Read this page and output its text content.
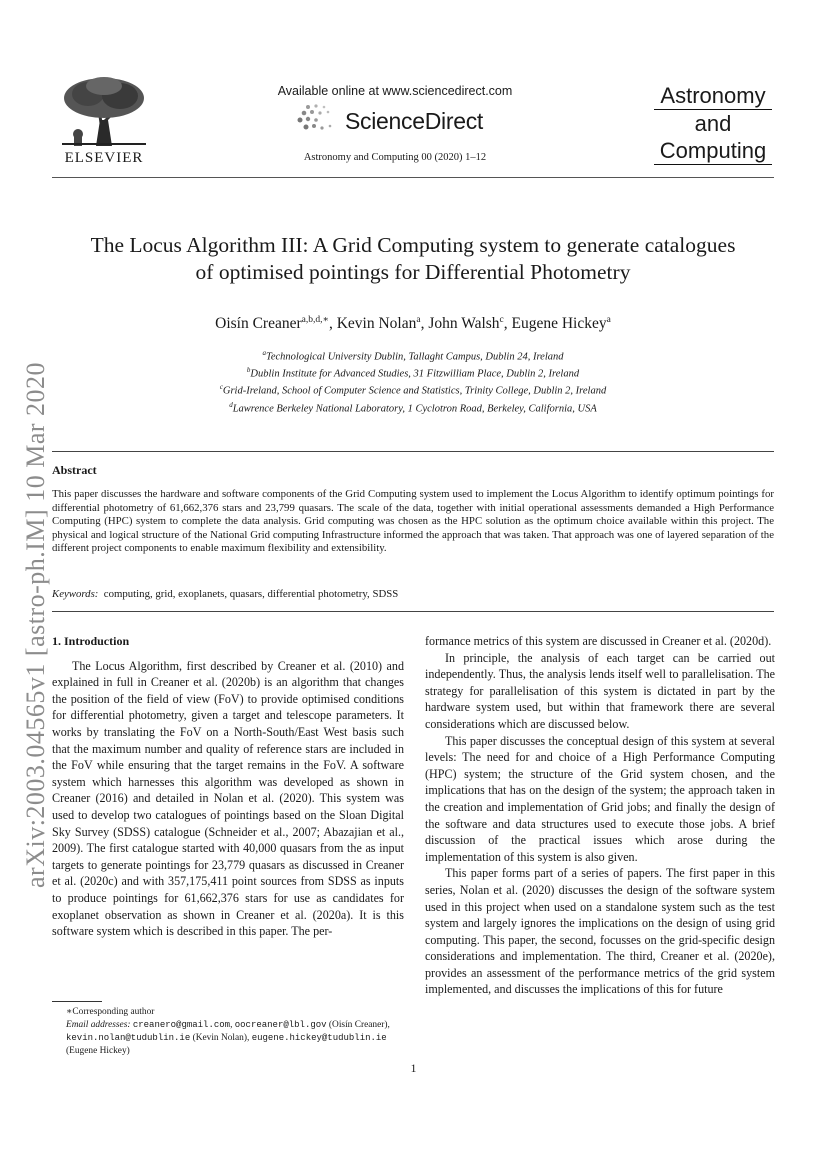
ELSEVIER
Available online at www.sciencedirect.com
ScienceDirect
Astronomy and Computing 00 (2020) 1–12
Astronomy
and
Computing
arXiv:2003.04565v1 [astro-ph.IM] 10 Mar 2020
The Locus Algorithm III: A Grid Computing system to generate catalogues
of optimised pointings for Differential Photometry
Oisín Creaner$^{a,b,d,∗}$, Kevin Nolan$^a$, John Walsh$^c$, Eugene Hickey$^a$
$^a$Technological University Dublin, Tallaght Campus, Dublin 24, Ireland
$^b$Dublin Institute for Advanced Studies, 31 Fitzwilliam Place, Dublin 2, Ireland
$^c$Grid-Ireland, School of Computer Science and Statistics, Trinity College, Dublin 2, Ireland
$^d$Lawrence Berkeley National Laboratory, 1 Cyclotron Road, Berkeley, California, USA
Abstract
This paper discusses the hardware and software components of the Grid Computing system used to implement the Locus Algorithm to identify optimum pointings for differential photometry of 61,662,376 stars and 23,799 quasars. The scale of the data, together with initial operational assessments demanded a High Performance Computing (HPC) system to complete the data analysis. Grid computing was chosen as the HPC solution as the optimum choice available within this project. The physical and logical structure of the National Grid computing Infrastructure informed the approach that was taken. That approach was one of layered separation of the different project components to enable maximum flexibility and extensibility.
Keywords: computing, grid, exoplanets, quasars, differential photometry, SDSS
1. Introduction

The Locus Algorithm, first described by Creaner et al. (2010) and explained in full in Creaner et al. (2020b) is an algorithm that changes the position of the field of view (FoV) to provide optimised conditions for differential photometry, given a target and telescope parameters. It works by translating the FoV on a North-South/East West basis such that the maximum number and quality of reference stars are included in the FoV while ensuring that the target remains in the FoV. A software system which harnesses this algorithm was developed as shown in Creaner (2016) and detailed in Nolan et al. (2020). This system was used to develop two catalogues of pointings based on the Sloan Digital Sky Survey (SDSS) catalogue (Schneider et al., 2007; Abazajian et al., 2009). The first catalogue started with 40,000 quasars from the as input targets to generate pointings for 23,779 quasars as discussed in Creaner et al. (2020c) and with 357,175,411 point sources from SDSS as inputs to produce pointings for 61,662,376 stars for use as candidates for exoplanet observation as shown in Creaner et al. (2020a). It is this software system which is described in this paper. The per-

formance metrics of this system are discussed in Creaner et al. (2020d).

In principle, the analysis of each target can be carried out independently. Thus, the analysis lends itself well to parallelisation. The strategy for parallelisation of this system is dictated in part by the hardware system used, but within that framework there are several considerations which are discussed below.

This paper discusses the conceptual design of this system at several levels: The need for and choice of a High Performance Computing (HPC) system; the structure of the Grid system chosen, and the implications that has on the design of the system; the approach taken in the creation and implementation of Grid jobs; and finally the design of the software and data structures used to execute those jobs. A brief discussion of the practical issues which arose during the implementation of this system is also given.

This paper forms part of a series of papers. The first paper in this series, Nolan et al. (2020) discusses the design of the software system used in this project when used on a standalone system such as the test system and largely ignores the implications on the design of using grid computing. This paper, the second, focusses on the grid-specific design considerations and implementation. The third, Creaner et al. (2020e), provides an assessment of the performance metrics of the grid system implemented, and discusses the implications of this for future

∗Corresponding author
Email addresses: creanero@gmail.com, oocreaner@lbl.gov (Oisín Creaner), kevin.nolan@tudublin.ie (Kevin Nolan), eugene.hickey@tudublin.ie (Eugene Hickey)
1
